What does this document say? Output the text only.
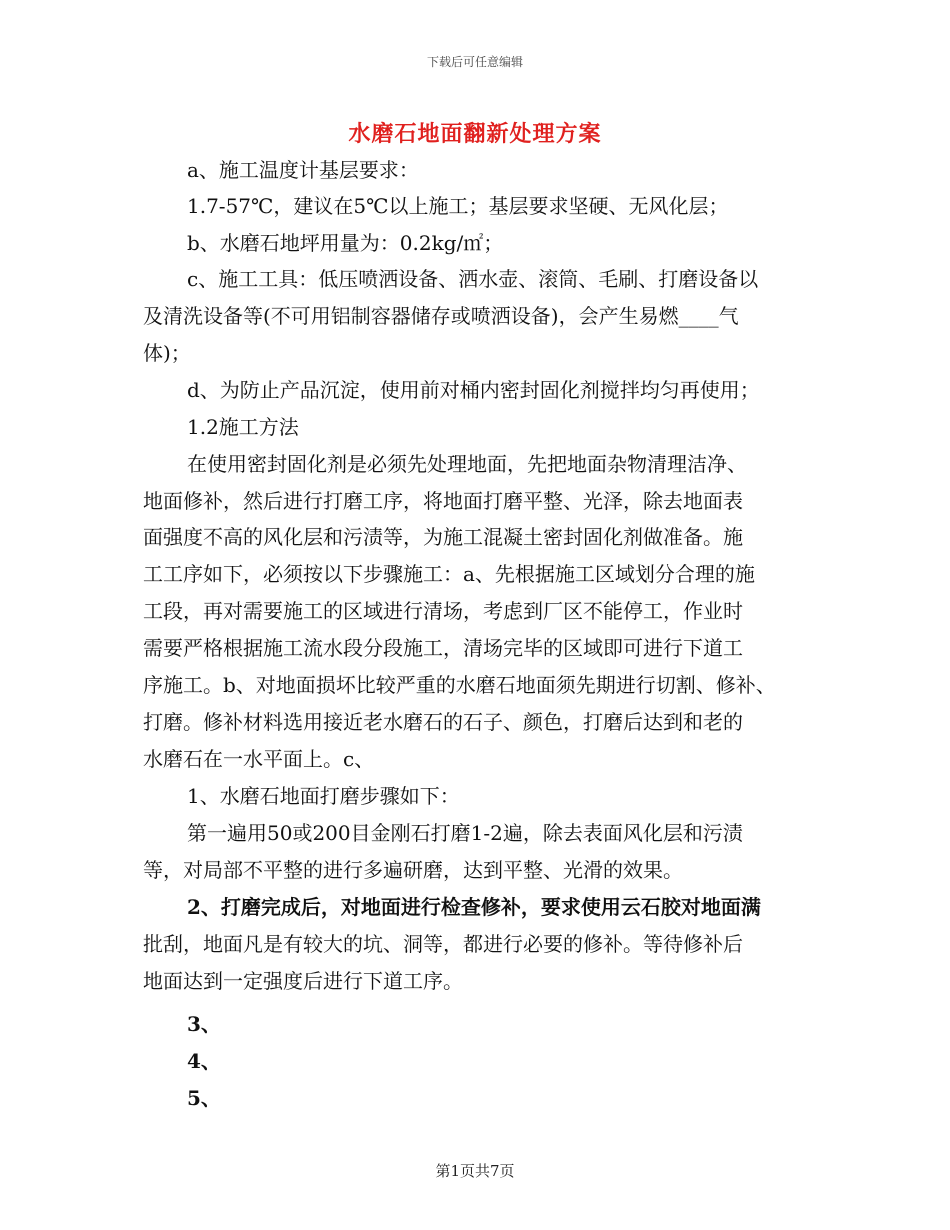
下载后可任意编辑
水磨石地面翻新处理方案
a、施工温度计基层要求：
1.7-57℃，建议在5℃以上施工；基层要求坚硬、无风化层；
b、水磨石地坪用量为：0.2kg/㎡；
c、施工工具：低压喷洒设备、洒水壶、滚筒、毛刷、打磨设备以
及清洗设备等(不可用铝制容器储存或喷洒设备)，会产生易燃____气
体)；
d、为防止产品沉淀，使用前对桶内密封固化剂搅拌均匀再使用；
1.2施工方法
在使用密封固化剂是必须先处理地面，先把地面杂物清理洁净、
地面修补，然后进行打磨工序，将地面打磨平整、光泽，除去地面表
面强度不高的风化层和污渍等，为施工混凝土密封固化剂做准备。施
工工序如下，必须按以下步骤施工：a、先根据施工区域划分合理的施
工段，再对需要施工的区域进行清场，考虑到厂区不能停工，作业时
需要严格根据施工流水段分段施工，清场完毕的区域即可进行下道工
序施工。b、对地面损坏比较严重的水磨石地面须先期进行切割、修补、
打磨。修补材料选用接近老水磨石的石子、颜色，打磨后达到和老的
水磨石在一水平面上。c、
1、水磨石地面打磨步骤如下：
第一遍用50或200目金刚石打磨1-2遍，除去表面风化层和污渍
等，对局部不平整的进行多遍研磨，达到平整、光滑的效果。
2、打磨完成后，对地面进行检查修补，要求使用云石胶对地面满
批刮，地面凡是有较大的坑、洞等，都进行必要的修补。等待修补后
地面达到一定强度后进行下道工序。
3、
4、
5、
第1页共7页
